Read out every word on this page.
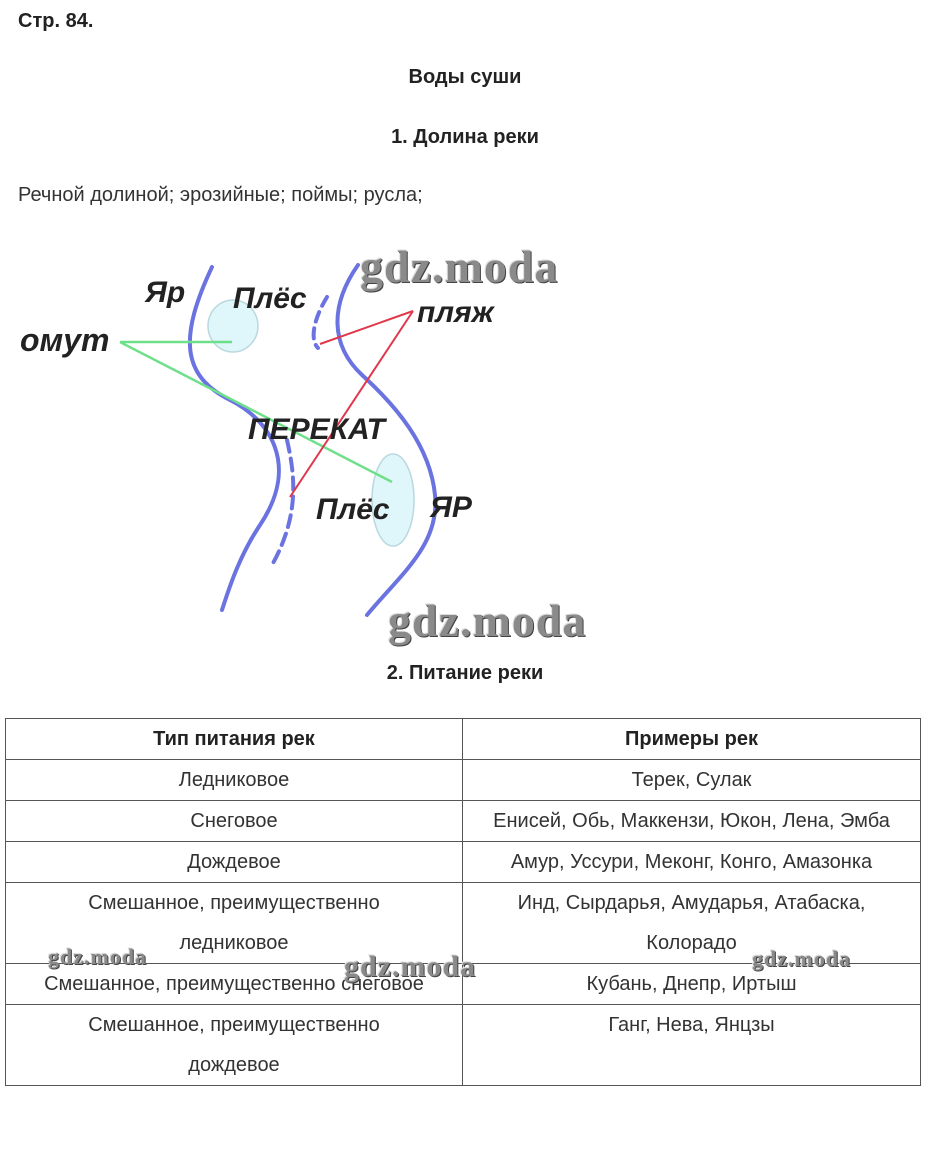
Стр. 84.
Воды суши
1. Долина реки
Речной долиной; эрозийные; поймы; русла;
Яр Плёс	пляж
омут
ПЕРЕКАТ
Плёс ЯР
gdz.moda
gdz.moda
2. Питание реки
Тип питания рек	Примеры рек
Ледниковое	Терек, Сулак
Снеговое	Енисей, Обь, Маккензи, Юкон, Лена, Эмба
Дождевое	Амур, Уссури, Меконг, Конго, Амазонка
Смешанное, преимущественно ледниковое	Инд, Сырдарья, Амударья, Атабаска, Колорадо
Смешанное, преимущественно снеговое	Кубань, Днепр, Иртыш
Смешанное, преимущественно дождевое	Ганг, Нева, Янцзы
gdz.moda	gdz.moda	gdz.moda
